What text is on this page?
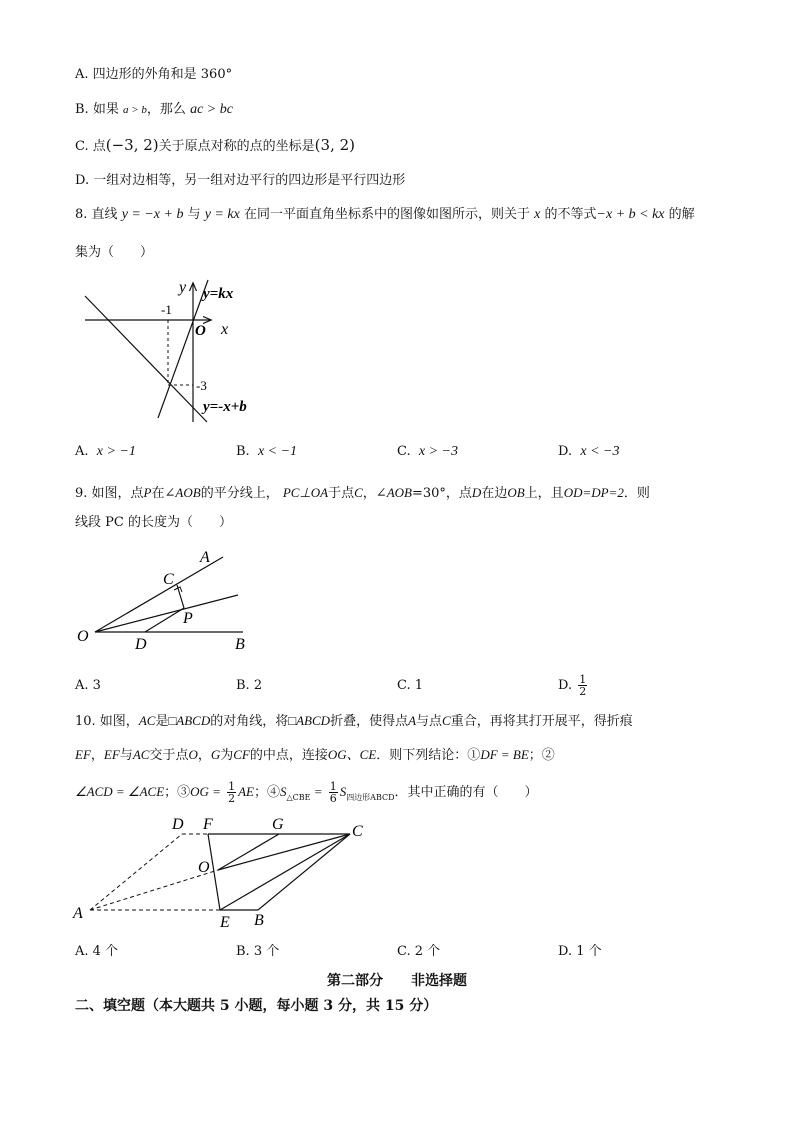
A. 四边形的外角和是 360°
B. 如果 a > b，那么 ac > bc
C. 点(−3, 2)关于原点对称的点的坐标是(3, 2)
D. 一组对边相等，另一组对边平行的四边形是平行四边形
8. 直线 y = −x + b 与 y = kx 在同一平面直角坐标系中的图像如图所示，则关于 x 的不等式−x + b < kx 的解
集为（　　）
y
x
O
-1
-3
y=kx
y=-x+b
A. x > −1	B. x < −1	C. x > −3	D. x < −3
9. 如图，点P在∠AOB的平分线上， PC⊥OA于点C，∠AOB=30°，点D在边OB上，且OD=DP=2．则
线段 PC 的长度为（　　）
A
C
P
O	D	B
A. 3	B. 2	C. 1	D. $\frac{1}{2}$
10. 如图，AC是□ABCD的对角线，将□ABCD折叠，使得点A与点C重合，再将其打开展平，得折痕
EF，EF与AC交于点O，G为CF的中点，连接OG、CE．则下列结论：①DF = BE；②
∠ACD = ∠ACE；③OG = $\frac{1}{2}$ AE；$④S_{\triangle CBE} = \frac{1}{6} S_{四边形ABCD}$．其中正确的有（　　）
D F	G	C
O
A
E B
A. 4 个	B. 3 个	C. 2 个	D. 1 个
第二部分　　非选择题
二、填空题（本大题共 5 小题，每小题 3 分，共 15 分）
